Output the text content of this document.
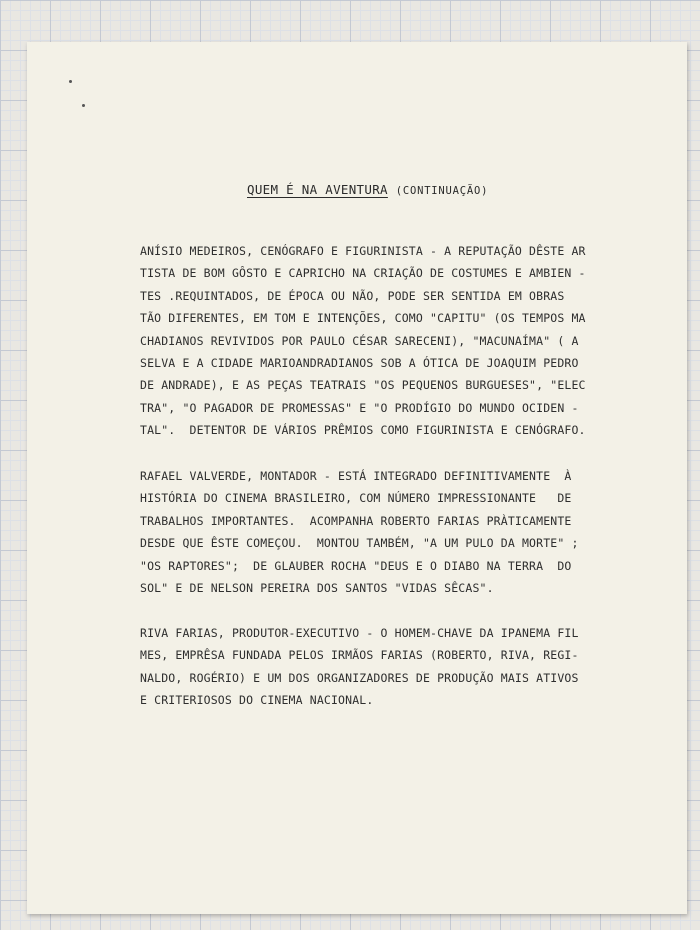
QUEM É NA AVENTURA (CONTINUAÇÃO)
ANÍSIO MEDEIROS, CENÓGRAFO E FIGURINISTA - A REPUTAÇÃO DÊSTE AR
TISTA DE BOM GÔSTO E CAPRICHO NA CRIAÇÃO DE COSTUMES E AMBIEN -
TES .REQUINTADOS, DE ÉPOCA OU NÃO, PODE SER SENTIDA EM OBRAS
TÃO DIFERENTES, EM TOM E INTENÇÕES, COMO "CAPITU" (OS TEMPOS MA
CHADIANOS REVIVIDOS POR PAULO CÉSAR SARECENI), "MACUNAÍMA" ( A
SELVA E A CIDADE MARIOANDRADIANOS SOB A ÓTICA DE JOAQUIM PEDRO
DE ANDRADE), E AS PEÇAS TEATRAIS "OS PEQUENOS BURGUESES", "ELEC
TRA", "O PAGADOR DE PROMESSAS" E "O PRODÍGIO DO MUNDO OCIDEN -
TAL".  DETENTOR DE VÁRIOS PRÊMIOS COMO FIGURINISTA E CENÓGRAFO.
RAFAEL VALVERDE, MONTADOR - ESTÁ INTEGRADO DEFINITIVAMENTE  À
HISTÓRIA DO CINEMA BRASILEIRO, COM NÚMERO IMPRESSIONANTE   DE
TRABALHOS IMPORTANTES.  ACOMPANHA ROBERTO FARIAS PRÀTICAMENTE
DESDE QUE ÊSTE COMEÇOU.  MONTOU TAMBÉM, "A UM PULO DA MORTE" ;
"OS RAPTORES";  DE GLAUBER ROCHA "DEUS E O DIABO NA TERRA  DO
SOL" E DE NELSON PEREIRA DOS SANTOS "VIDAS SÊCAS".
RIVA FARIAS, PRODUTOR-EXECUTIVO - O HOMEM-CHAVE DA IPANEMA FIL
MES, EMPRÊSA FUNDADA PELOS IRMÃOS FARIAS (ROBERTO, RIVA, REGI-
NALDO, ROGÉRIO) E UM DOS ORGANIZADORES DE PRODUÇÃO MAIS ATIVOS
E CRITERIOSOS DO CINEMA NACIONAL.
